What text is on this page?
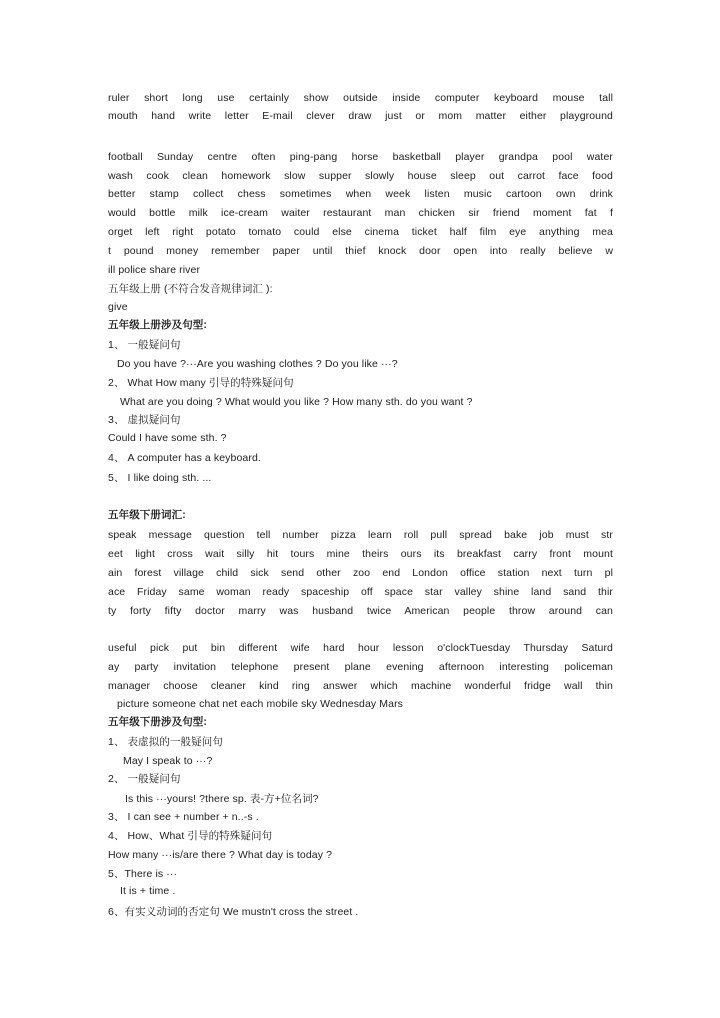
ruler short long use certainly show outside inside computer keyboard mouse tall
mouth hand write letter E-mail clever draw just or mom matter either playground
football Sunday centre often ping-pang horse basketball player grandpa pool water
wash cook clean homework slow supper slowly house sleep out carrot face food
better stamp collect chess sometimes when week listen music cartoon own drink
would bottle milk ice-cream waiter restaurant man chicken sir friend moment fat f
orget left right potato tomato could else cinema ticket half film eye anything mea
t pound money remember paper until thief knock door open into really believe w
ill police share river
五年级上册 (不符合发音规律词汇 ):
give
五年级上册涉及句型:
1、 一般疑问句
Do you have ?···Are you washing clothes ? Do you like ···?
2、 What How many 引导的特殊疑问句
What are you doing ? What would you like ? How many sth. do you want ?
3、 虚拟疑问句
Could I have some sth. ?
4、 A computer has a keyboard.
5、 I like doing sth. ...
五年级下册词汇:
speak message question tell number pizza learn roll pull spread bake job must str
eet light cross wait silly hit tours mine theirs ours its breakfast carry front mount
ain forest village child sick send other zoo end London office station next turn pl
ace Friday same woman ready spaceship off space star valley shine land sand thir
ty forty fifty doctor marry was husband twice American people throw around can
useful pick put bin different wife hard hour lesson o'clockTuesday Thursday Saturd
ay party invitation telephone present plane evening afternoon interesting policeman
manager choose cleaner kind ring answer which machine wonderful fridge wall thin
picture someone chat net each mobile sky Wednesday Mars
五年级下册涉及句型:
1、 表虚拟的一般疑问句
May I speak to ···?
2、 一般疑问句
Is this ···yours! ?there sp. 表-方+位名词?
3、 I can see + number + n..-s .
4、 How、What 引导的特殊疑问句
How many ···is/are there ? What day is today ?
5、There is ···
It is + time .
6、有实义动词的否定句 We mustn't cross the street .
